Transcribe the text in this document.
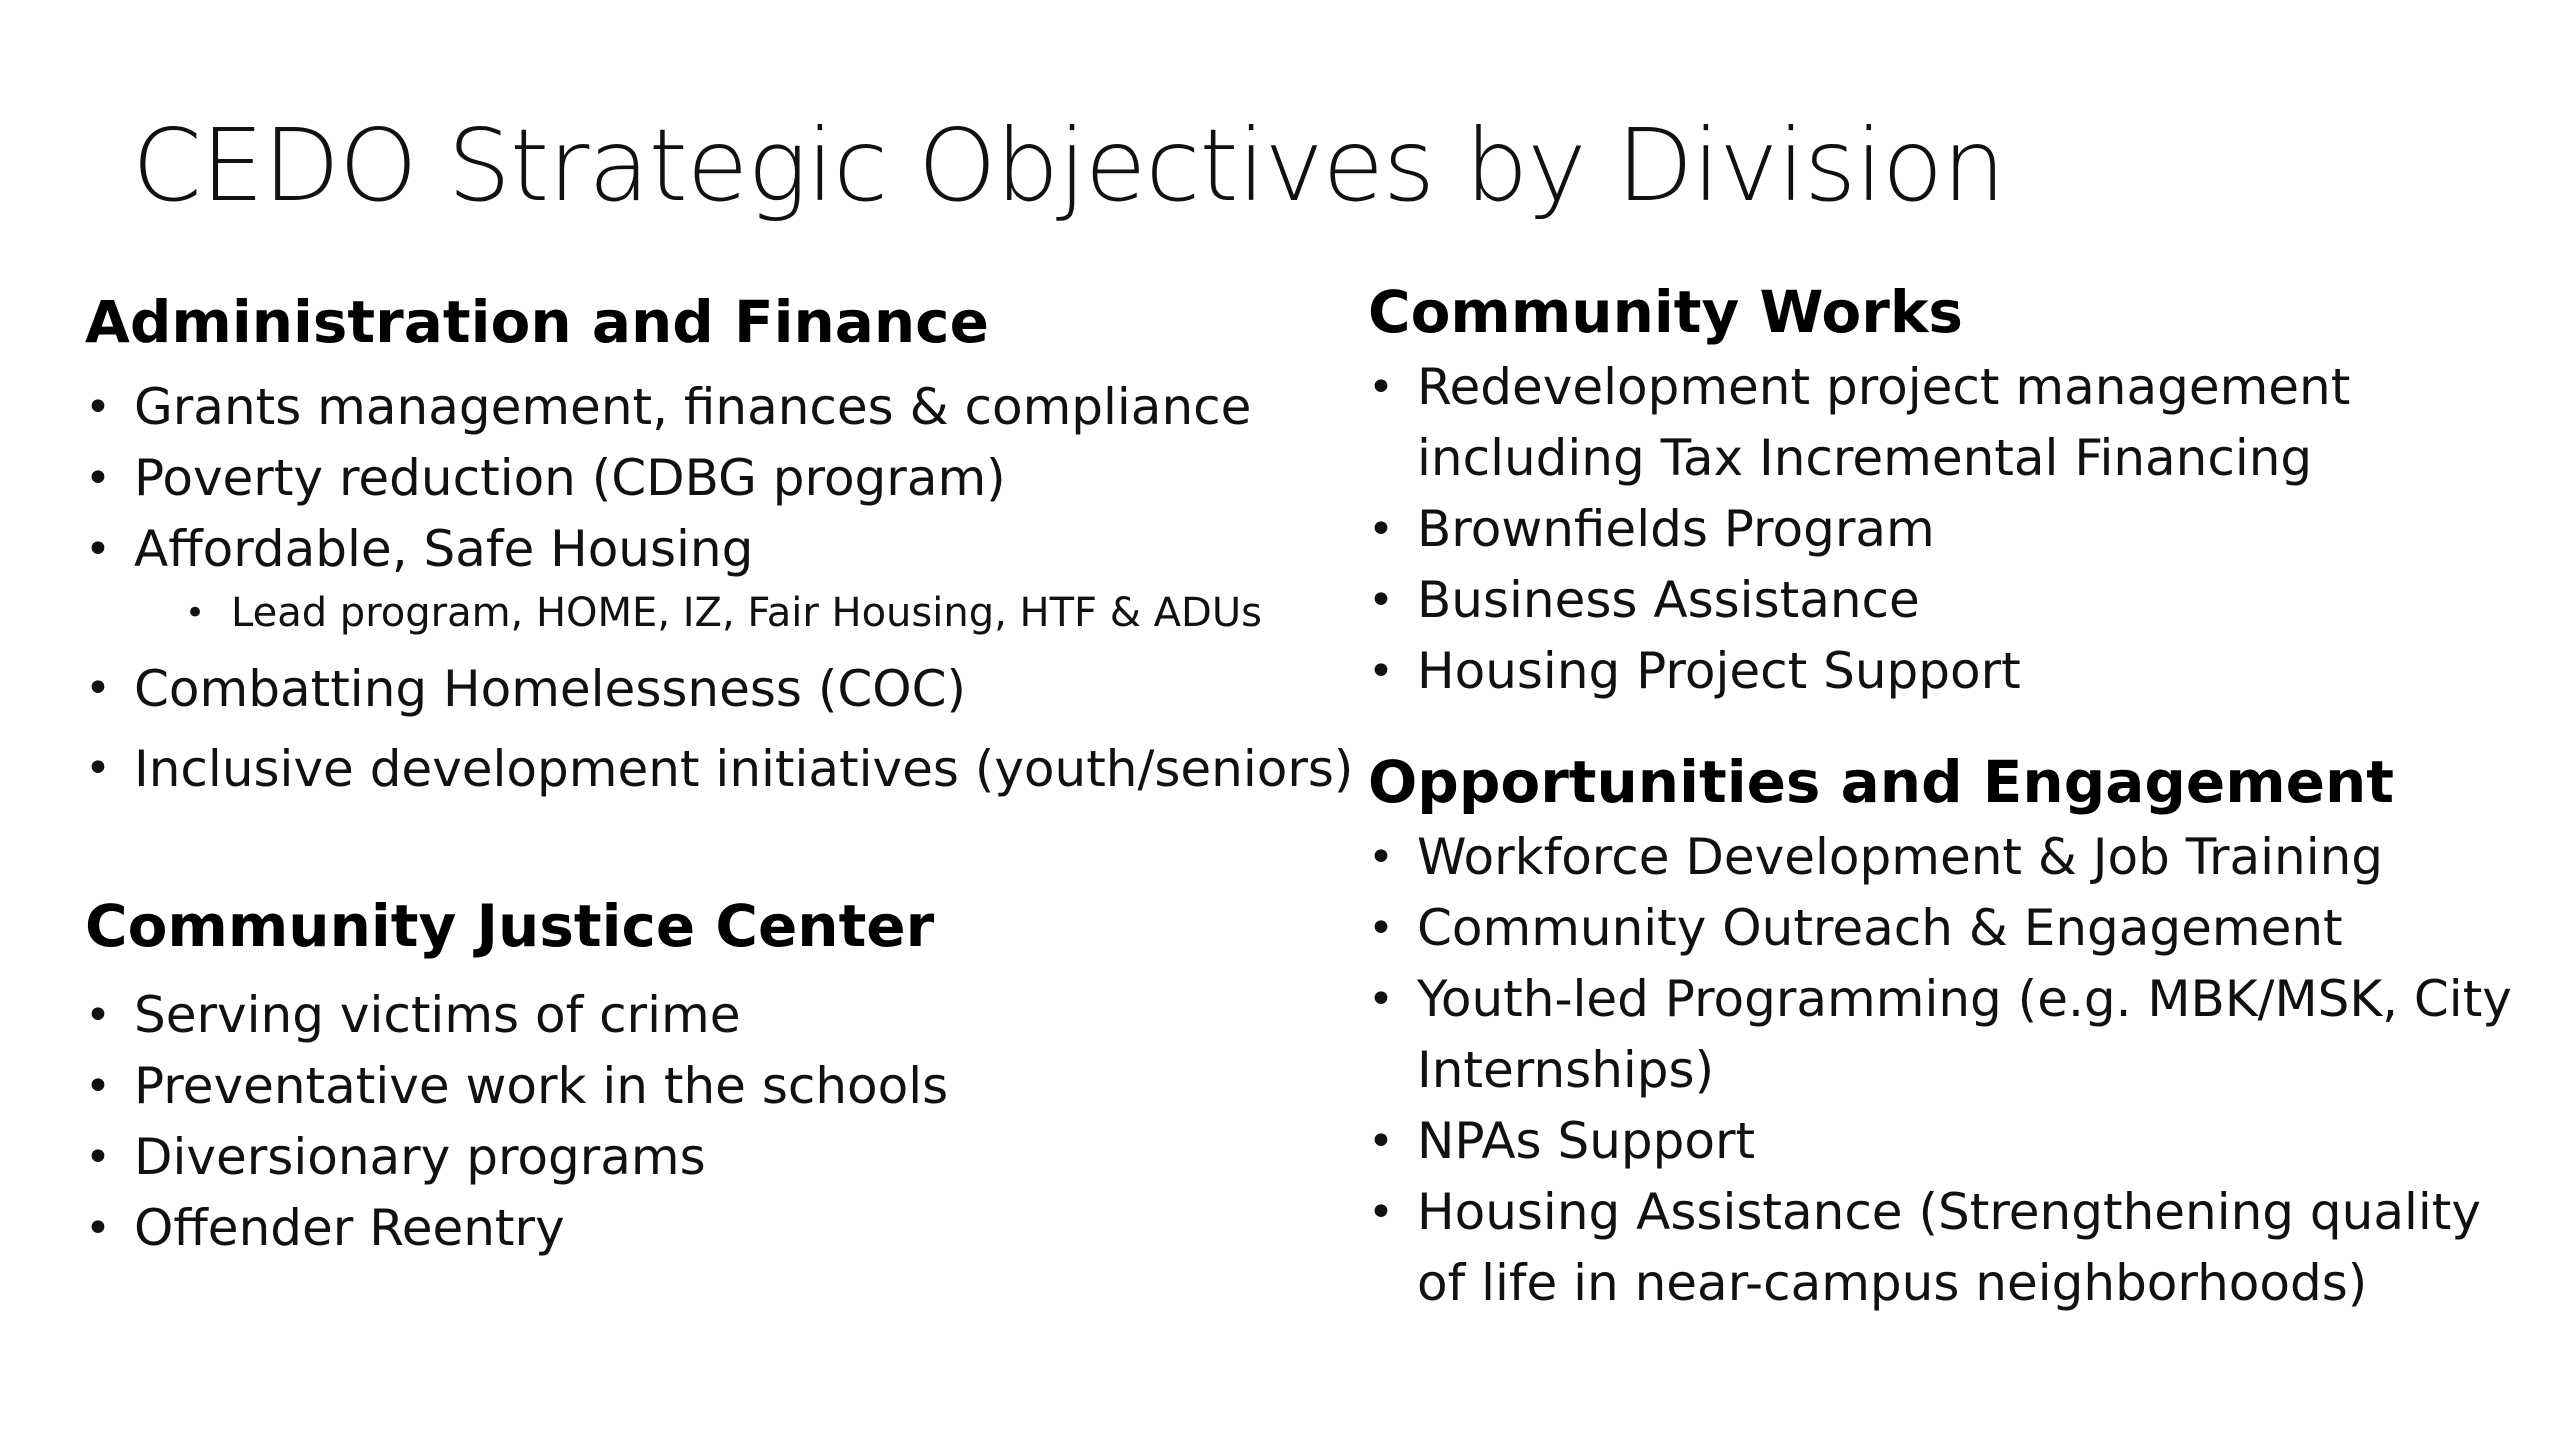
CEDO Strategic Objectives by Division
Administration and Finance
• Grants management, finances & compliance
• Poverty reduction (CDBG program)
• Affordable, Safe Housing
• Lead program, HOME, IZ, Fair Housing, HTF & ADUs
• Combatting Homelessness (COC)
• Inclusive development initiatives (youth/seniors)
Community Justice Center
• Serving victims of crime
• Preventative work in the schools
• Diversionary programs
• Offender Reentry
Community Works
• Redevelopment project management including Tax Incremental Financing
• Brownfields Program
• Business Assistance
• Housing Project Support
Opportunities and Engagement
• Workforce Development & Job Training
• Community Outreach & Engagement
• Youth-led Programming (e.g. MBK/MSK, City Internships)
• NPAs Support
• Housing Assistance (Strengthening quality of life in near-campus neighborhoods)
